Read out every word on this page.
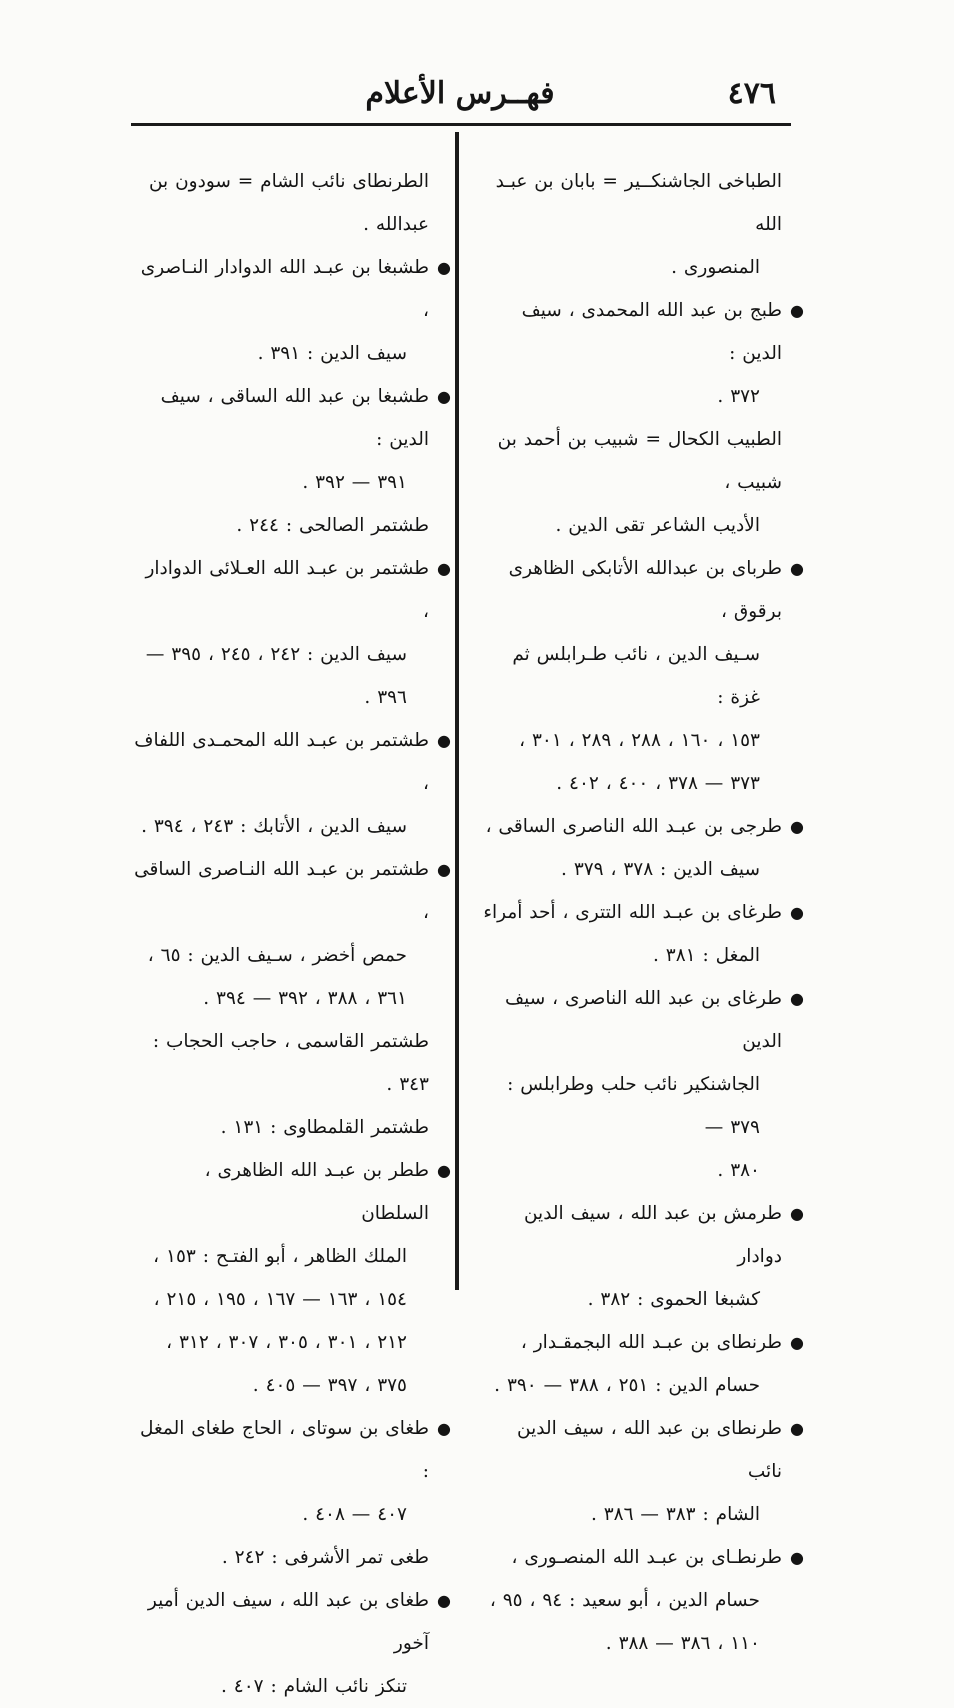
٤٧٦
فهــرس الأعلام
الطباخى الجاشنكــير = بابان بن عبـد الله
المنصورى .
●
طبج بن عبد الله المحمدى ، سيف الدين :
٣٧٢ .
الطبيب الكحال = شبيب بن أحمد بن شبيب ،
الأديب الشاعر تقى الدين .
●
طرباى بن عبدالله الأتابكى الظاهرى برقوق ،
سـيف الدين ، نائب طـرابلس ثم غزة :
١٥٣ ، ١٦٠ ، ٢٨٨ ، ٢٨٩ ، ٣٠١ ،
٣٧٣ — ٣٧٨ ، ٤٠٠ ، ٤٠٢ .
●
طرجى بن عبـد الله الناصرى الساقى ،
سيف الدين : ٣٧٨ ، ٣٧٩ .
●
طرغاى بن عبـد الله التترى ، أحد أمراء
المغل : ٣٨١ .
●
طرغاى بن عبد الله الناصرى ، سيف الدين
الجاشنكير نائب حلب وطرابلس : ٣٧٩ —
٣٨٠ .
●
طرمش بن عبد الله ، سيف الدين دوادار
كشبغا الحموى : ٣٨٢ .
●
طرنطاى بن عبـد الله البجمقـدار ،
حسام الدين : ٢٥١ ، ٣٨٨ — ٣٩٠ .
●
طرنطاى بن عبد الله ، سيف الدين نائب
الشام : ٣٨٣ — ٣٨٦ .
●
طرنطـاى بن عبـد الله المنصـورى ،
حسام الدين ، أبو سعيد : ٩٤ ، ٩٥ ،
١١٠ ، ٣٨٦ — ٣٨٨ .
الطرنطاى نائب الشام = سودون بن عبدالله .
●
طشبغا بن عبـد الله الدوادار النـاصرى ،
سيف الدين : ٣٩١ .
●
طشبغا بن عبد الله الساقى ، سيف الدين :
٣٩١ — ٣٩٢ .
طشتمر الصالحى : ٢٤٤ .
●
طشتمر بن عبـد الله العـلائى الدوادار ،
سيف الدين : ٢٤٢ ، ٢٤٥ ، ٣٩٥ —
٣٩٦ .
●
طشتمر بن عبـد الله المحمـدى اللفاف ،
سيف الدين ، الأتابك : ٢٤٣ ، ٣٩٤ .
●
طشتمر بن عبـد الله النـاصرى الساقى ،
حمص أخضر ، سـيف الدين : ٦٥ ،
٣٦١ ، ٣٨٨ ، ٣٩٢ — ٣٩٤ .
طشتمر القاسمى ، حاجب الحجاب : ٣٤٣ .
طشتمر القلمطاوى : ١٣١ .
●
ططر بن عبـد الله الظاهرى ، السلطان
الملك الظاهر ، أبو الفتـح : ١٥٣ ،
١٥٤ ، ١٦٣ — ١٦٧ ، ١٩٥ ، ٢١٥ ،
٢١٢ ، ٣٠١ ، ٣٠٥ ، ٣٠٧ ، ٣١٢ ،
٣٧٥ ، ٣٩٧ — ٤٠٥ .
●
طغاى بن سوتاى ، الحاج طغاى المغل :
٤٠٧ — ٤٠٨ .
طغى تمر الأشرفى : ٢٤٢ .
●
طغاى بن عبد الله ، سيف الدين أمير آخور
تنكز نائب الشام : ٤٠٧ .
